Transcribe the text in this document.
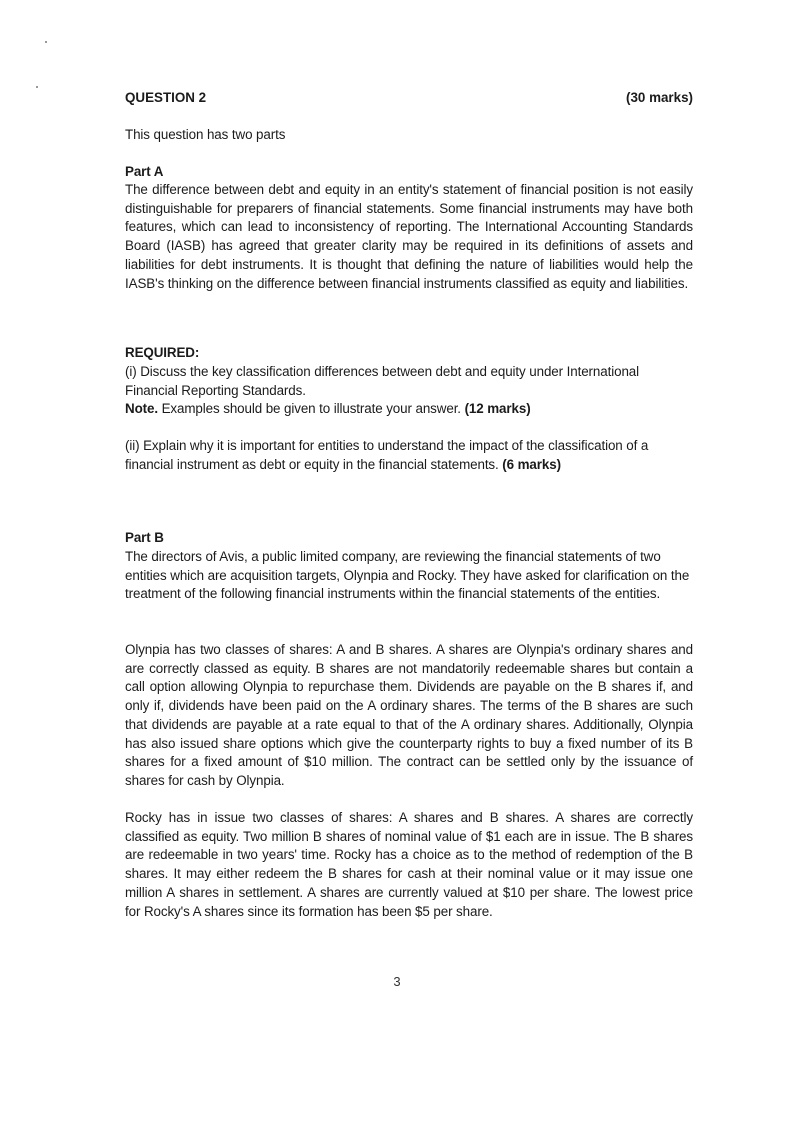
QUESTION 2	(30 marks)

This question has two parts

Part A

The difference between debt and equity in an entity's statement of financial position is not easily distinguishable for preparers of financial statements. Some financial instruments may have both features, which can lead to inconsistency of reporting. The International Accounting Standards Board (IASB) has agreed that greater clarity may be required in its definitions of assets and liabilities for debt instruments. It is thought that defining the nature of liabilities would help the IASB's thinking on the difference between financial instruments classified as equity and liabilities.

REQUIRED:

(i) Discuss the key classification differences between debt and equity under International Financial Reporting Standards.

Note. Examples should be given to illustrate your answer. (12 marks)

(ii) Explain why it is important for entities to understand the impact of the classification of a financial instrument as debt or equity in the financial statements. (6 marks)

Part B

The directors of Avis, a public limited company, are reviewing the financial statements of two entities which are acquisition targets, Olynpia and Rocky. They have asked for clarification on the treatment of the following financial instruments within the financial statements of the entities.

Olynpia has two classes of shares: A and B shares. A shares are Olynpia's ordinary shares and are correctly classed as equity. B shares are not mandatorily redeemable shares but contain a call option allowing Olynpia to repurchase them. Dividends are payable on the B shares if, and only if, dividends have been paid on the A ordinary shares. The terms of the B shares are such that dividends are payable at a rate equal to that of the A ordinary shares. Additionally, Olynpia has also issued share options which give the counterparty rights to buy a fixed number of its B shares for a fixed amount of $10 million. The contract can be settled only by the issuance of shares for cash by Olynpia.

Rocky has in issue two classes of shares: A shares and B shares. A shares are correctly classified as equity. Two million B shares of nominal value of $1 each are in issue. The B shares are redeemable in two years' time. Rocky has a choice as to the method of redemption of the B shares. It may either redeem the B shares for cash at their nominal value or it may issue one million A shares in settlement. A shares are currently valued at $10 per share. The lowest price for Rocky's A shares since its formation has been $5 per share.

3
